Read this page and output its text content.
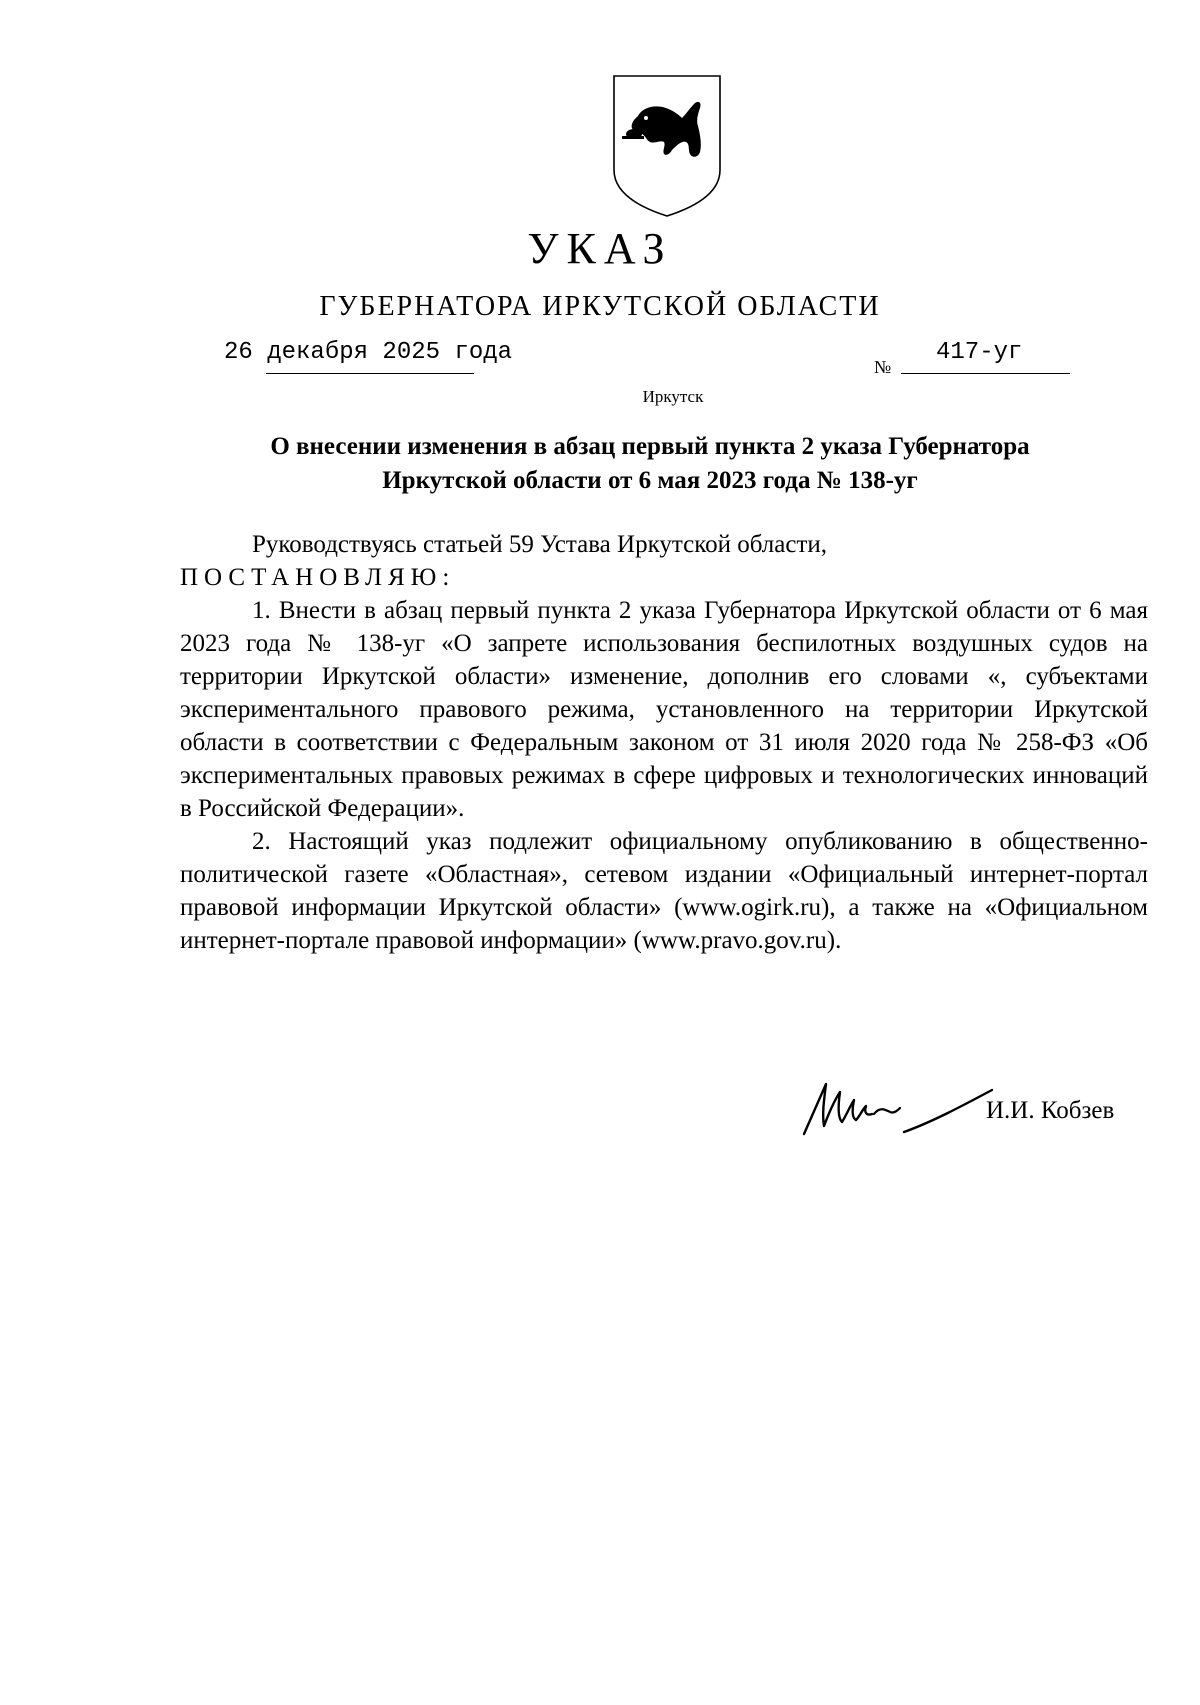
УКАЗ
ГУБЕРНАТОРА ИРКУТСКОЙ ОБЛАСТИ
26 декабря 2025 года
№
417-уг
Иркутск
О внесении изменения в абзац первый пункта 2 указа Губернатора
Иркутской области от 6 мая 2023 года № 138-уг

Руководствуясь статьей 59 Устава Иркутской области,

ПОСТАНОВЛЯЮ:

1. Внести в абзац первый пункта 2 указа Губернатора Иркутской области от 6 мая 2023 года № 138-уг «О запрете использования беспилотных воздушных судов на территории Иркутской области» изменение, дополнив его словами «, субъектами экспериментального правового режима, установленного на территории Иркутской области в соответствии с Федеральным законом от 31 июля 2020 года № 258-ФЗ «Об экспериментальных правовых режимах в сфере цифровых и технологических инноваций в Российской Федерации».

2. Настоящий указ подлежит официальному опубликованию в общественно-политической газете «Областная», сетевом издании «Официальный интернет-портал правовой информации Иркутской области» (www.ogirk.ru), а также на «Официальном интернет-портале правовой информации» (www.pravo.gov.ru).

И.И. Кобзев
